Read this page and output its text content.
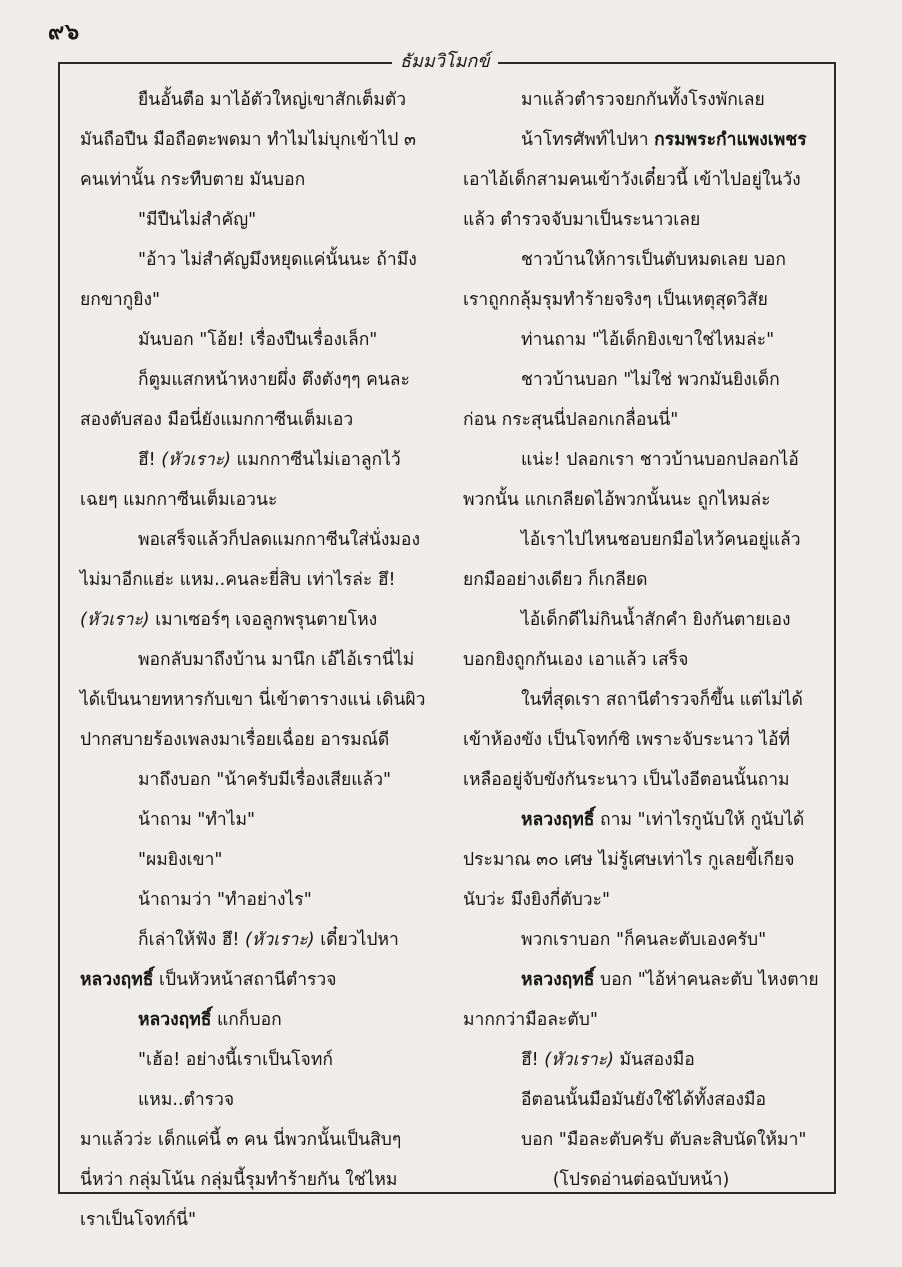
๙๖
ธัมมวิโมกข์

ยืนอั้นตือ มาไอ้ตัวใหญ่เขาสักเต็มตัว

มันถือปืน มือถือตะพดมา ทำไมไม่บุกเข้าไป ๓

คนเท่านั้น กระทืบตาย มันบอก

"มีปืนไม่สำคัญ"

"อ้าว ไม่สำคัญมึงหยุดแค่นั้นนะ ถ้ามึง

ยกขากูยิง"

มันบอก "โอ้ย! เรื่องปืนเรื่องเล็ก"

ก็ตูมแสกหน้าหงายผึ่ง ตึงตังๆๆ คนละ

สองตับสอง มือนี่ยังแมกกาซีนเต็มเอว

ฮึ! (หัวเราะ) แมกกาซีนไม่เอาลูกไว้

เฉยๆ แมกกาซีนเต็มเอวนะ

พอเสร็จแล้วก็ปลดแมกกาซีนใส่นั่งมอง

ไม่มาอีกแฮ่ะ แหม..คนละยี่สิบ เท่าไรล่ะ ฮึ!

(หัวเราะ) เมาเซอร์ๆ เจอลูกพรุนตายโหง

พอกลับมาถึงบ้าน มานึก เอ๊ไอ้เรานี่ไม่

ได้เป็นนายทหารกับเขา นี่เข้าตารางแน่ เดินผิว

ปากสบายร้องเพลงมาเรื่อยเฉื่อย อารมณ์ดี

มาถึงบอก "น้าครับมีเรื่องเสียแล้ว"

น้าถาม "ทำไม"

"ผมยิงเขา"

น้าถามว่า "ทำอย่างไร"

ก็เล่าให้ฟัง ฮึ! (หัวเราะ) เดี๋ยวไปหา

หลวงฤทธิ์ เป็นหัวหน้าสถานีตำรวจ

หลวงฤทธิ์ แกก็บอก

"เฮ้อ! อย่างนี้เราเป็นโจทก์ แหม..ตำรวจ

มาแล้วว่ะ เด็กแค่นี้ ๓ คน นี่พวกนั้นเป็นสิบๆ

นี่หว่า กลุ่มโน้น กลุ่มนี้รุมทำร้ายกัน ใช่ไหม

เราเป็นโจทก์นี่"

มาแล้วตำรวจยกกันทั้งโรงพักเลย

น้าโทรศัพท์ไปหา กรมพระกำแพงเพชร

เอาไอ้เด็กสามคนเข้าวังเดี๋ยวนี้ เข้าไปอยู่ในวัง

แล้ว ตำรวจจับมาเป็นระนาวเลย

ชาวบ้านให้การเป็นตับหมดเลย บอก

เราถูกกลุ้มรุมทำร้ายจริงๆ เป็นเหตุสุดวิสัย

ท่านถาม "ไอ้เด็กยิงเขาใช่ไหมล่ะ"

ชาวบ้านบอก "ไม่ใช่ พวกมันยิงเด็ก

ก่อน กระสุนนี่ปลอกเกลื่อนนี่"

แน่ะ! ปลอกเรา ชาวบ้านบอกปลอกไอ้

พวกนั้น แกเกลียดไอ้พวกนั้นนะ ถูกไหมล่ะ

ไอ้เราไปไหนชอบยกมือไหว้คนอยู่แล้ว

ยกมืออย่างเดียว ก็เกลียด

ไอ้เด็กดีไม่กินน้ำสักคำ ยิงกันตายเอง

บอกยิงถูกกันเอง เอาแล้ว เสร็จ

ในที่สุดเรา สถานีตำรวจก็ขึ้น แต่ไม่ได้

เข้าห้องขัง เป็นโจทก์ซิ เพราะจับระนาว ไอ้ที่

เหลืออยู่จับขังกันระนาว เป็นไงอีตอนนั้นถาม

หลวงฤทธิ์ ถาม "เท่าไรกูนับให้ กูนับได้

ประมาณ ๓๐ เศษ ไม่รู้เศษเท่าไร กูเลยขี้เกียจ

นับว่ะ มึงยิงกี่ตับวะ"

พวกเราบอก "ก็คนละตับเองครับ"

หลวงฤทธิ์ บอก "ไอ้ห่าคนละตับ ไหงตาย

มากกว่ามือละตับ"

ฮึ! (หัวเราะ) มันสองมือ

อีตอนนั้นมือมันยังใช้ได้ทั้งสองมือ

บอก "มือละตับครับ ตับละสิบนัดให้มา"

(โปรดอ่านต่อฉบับหน้า)
